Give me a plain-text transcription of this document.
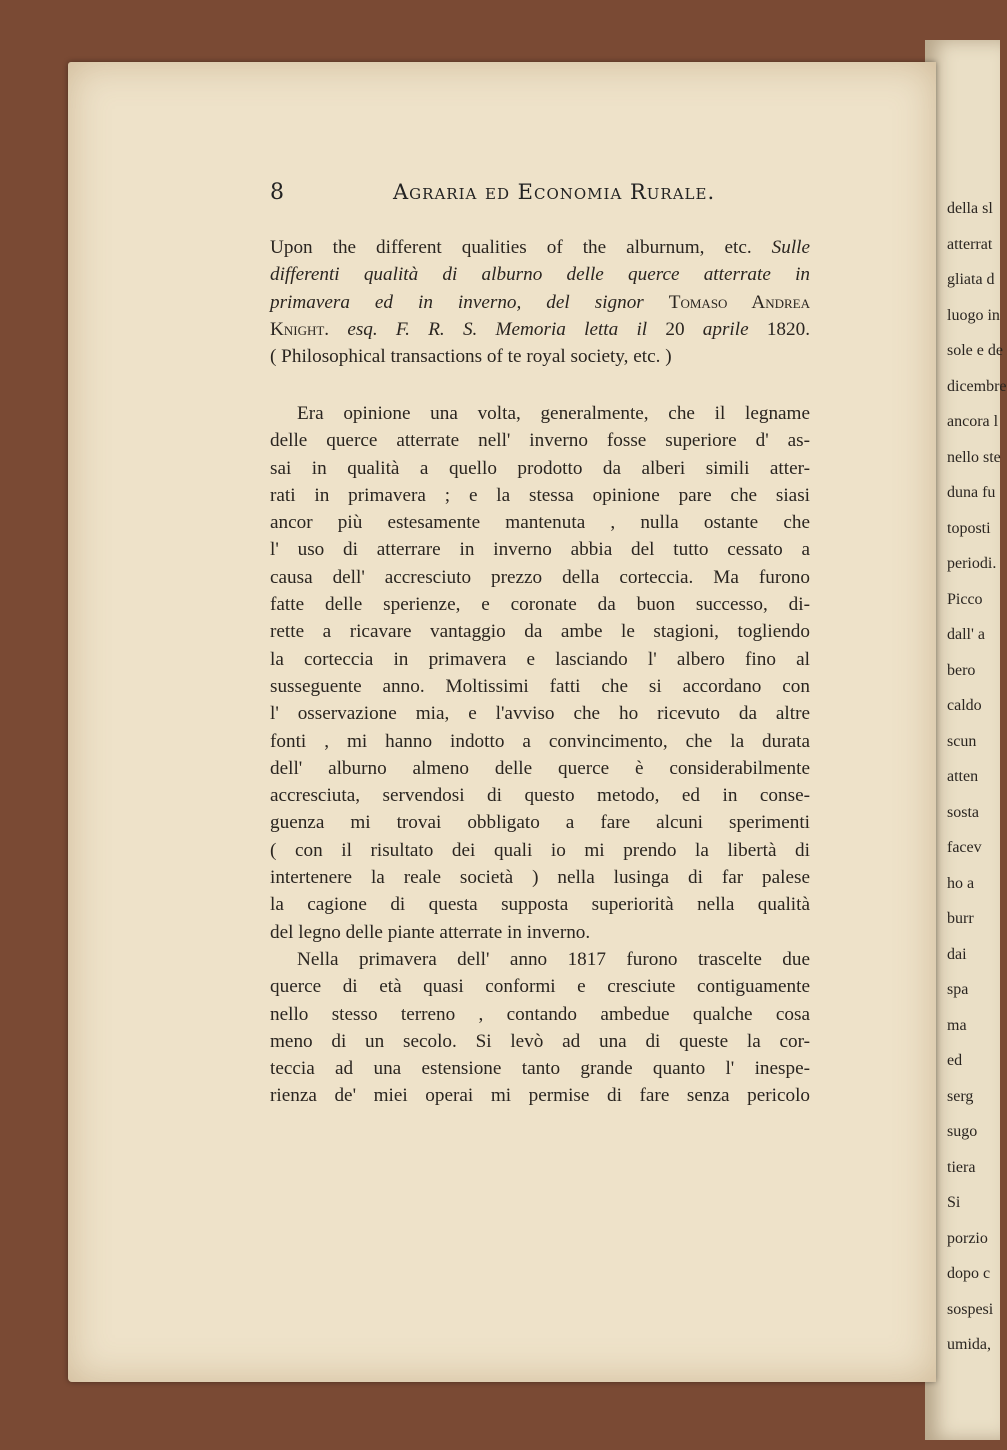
della sl
atterrat
gliata d
luogo in
sole e de
dicembre
ancora l
nello ste
duna fu
toposti
periodi.
Picco
dall' a
bero
caldo
scun
atten
sosta
facev
ho a
burr
dai
spa
ma
ed
serg
sugo
tiera
Si
porzio
dopo c
sospesi
umida,
8	Agraria ed Economia Rurale.
Upon the different qualities of the alburnum, etc. Sulle
differenti qualità di alburno delle querce atterrate in
primavera ed in inverno, del signor Tomaso Andrea
Knight. esq. F. R. S. Memoria letta il 20 aprile 1820.
( Philosophical transactions of te royal society, etc. )
Era opinione una volta, generalmente, che il legname
delle querce atterrate nell' inverno fosse superiore d' as-
sai in qualità a quello prodotto da alberi simili atter-
rati in primavera ; e la stessa opinione pare che siasi
ancor più estesamente mantenuta , nulla ostante che
l' uso di atterrare in inverno abbia del tutto cessato a
causa dell' accresciuto prezzo della corteccia. Ma furono
fatte delle sperienze, e coronate da buon successo, di-
rette a ricavare vantaggio da ambe le stagioni, togliendo
la corteccia in primavera e lasciando l' albero fino al
susseguente anno. Moltissimi fatti che si accordano con
l' osservazione mia, e l'avviso che ho ricevuto da altre
fonti , mi hanno indotto a convincimento, che la durata
dell' alburno almeno delle querce è considerabilmente
accresciuta, servendosi di questo metodo, ed in conse-
guenza mi trovai obbligato a fare alcuni sperimenti
( con il risultato dei quali io mi prendo la libertà di
intertenere la reale società ) nella lusinga di far palese
la cagione di questa supposta superiorità nella qualità
del legno delle piante atterrate in inverno.
Nella primavera dell' anno 1817 furono trascelte due
querce di età quasi conformi e cresciute contiguamente
nello stesso terreno , contando ambedue qualche cosa
meno di un secolo. Si levò ad una di queste la cor-
teccia ad una estensione tanto grande quanto l' inespe-
rienza de' miei operai mi permise di fare senza pericolo
